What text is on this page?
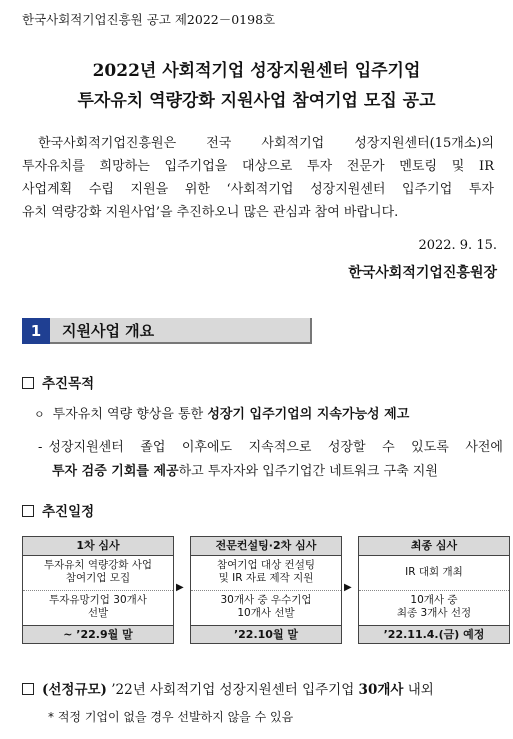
한국사회적기업진흥원 공고 제2022－0198호
2022년 사회적기업 성장지원센터 입주기업
투자유치 역량강화 지원사업 참여기업 모집 공고
한국사회적기업진흥원은 전국 사회적기업 성장지원센터(15개소)의
투자유치를 희망하는 입주기업을 대상으로 투자 전문가 멘토링 및 IR
사업계획 수립 지원을 위한 ‘사회적기업 성장지원센터 입주기업 투자
유치 역량강화 지원사업’을 추진하오니 많은 관심과 참여 바랍니다.
2022. 9. 15.
한국사회적기업진흥원장
1	지원사업 개요
추진목적
ㅇ 투자유치 역량 향상을 통한 성장기 입주기업의 지속가능성 제고
- 성장지원센터 졸업 이후에도 지속적으로 성장할 수 있도록 사전에
투자 검증 기회를 제공하고 투자자와 입주기업간 네트워크 구축 지원
추진일정
1차 심사
투자유치 역량강화 사업
참여기업 모집
투자유망기업 30개사
선발
~ ’22.9월 말
▶
전문컨설팅·2차 심사
참여기업 대상 컨설팅
및 IR 자료 제작 지원
30개사 중 우수기업
10개사 선발
’22.10월 말
▶
최종 심사
IR 대회 개최
10개사 중
최종 3개사 선정
’22.11.4.(금) 예정
(선정규모) ’22년 사회적기업 성장지원센터 입주기업 30개사 내외
* 적정 기업이 없을 경우 선발하지 않을 수 있음
